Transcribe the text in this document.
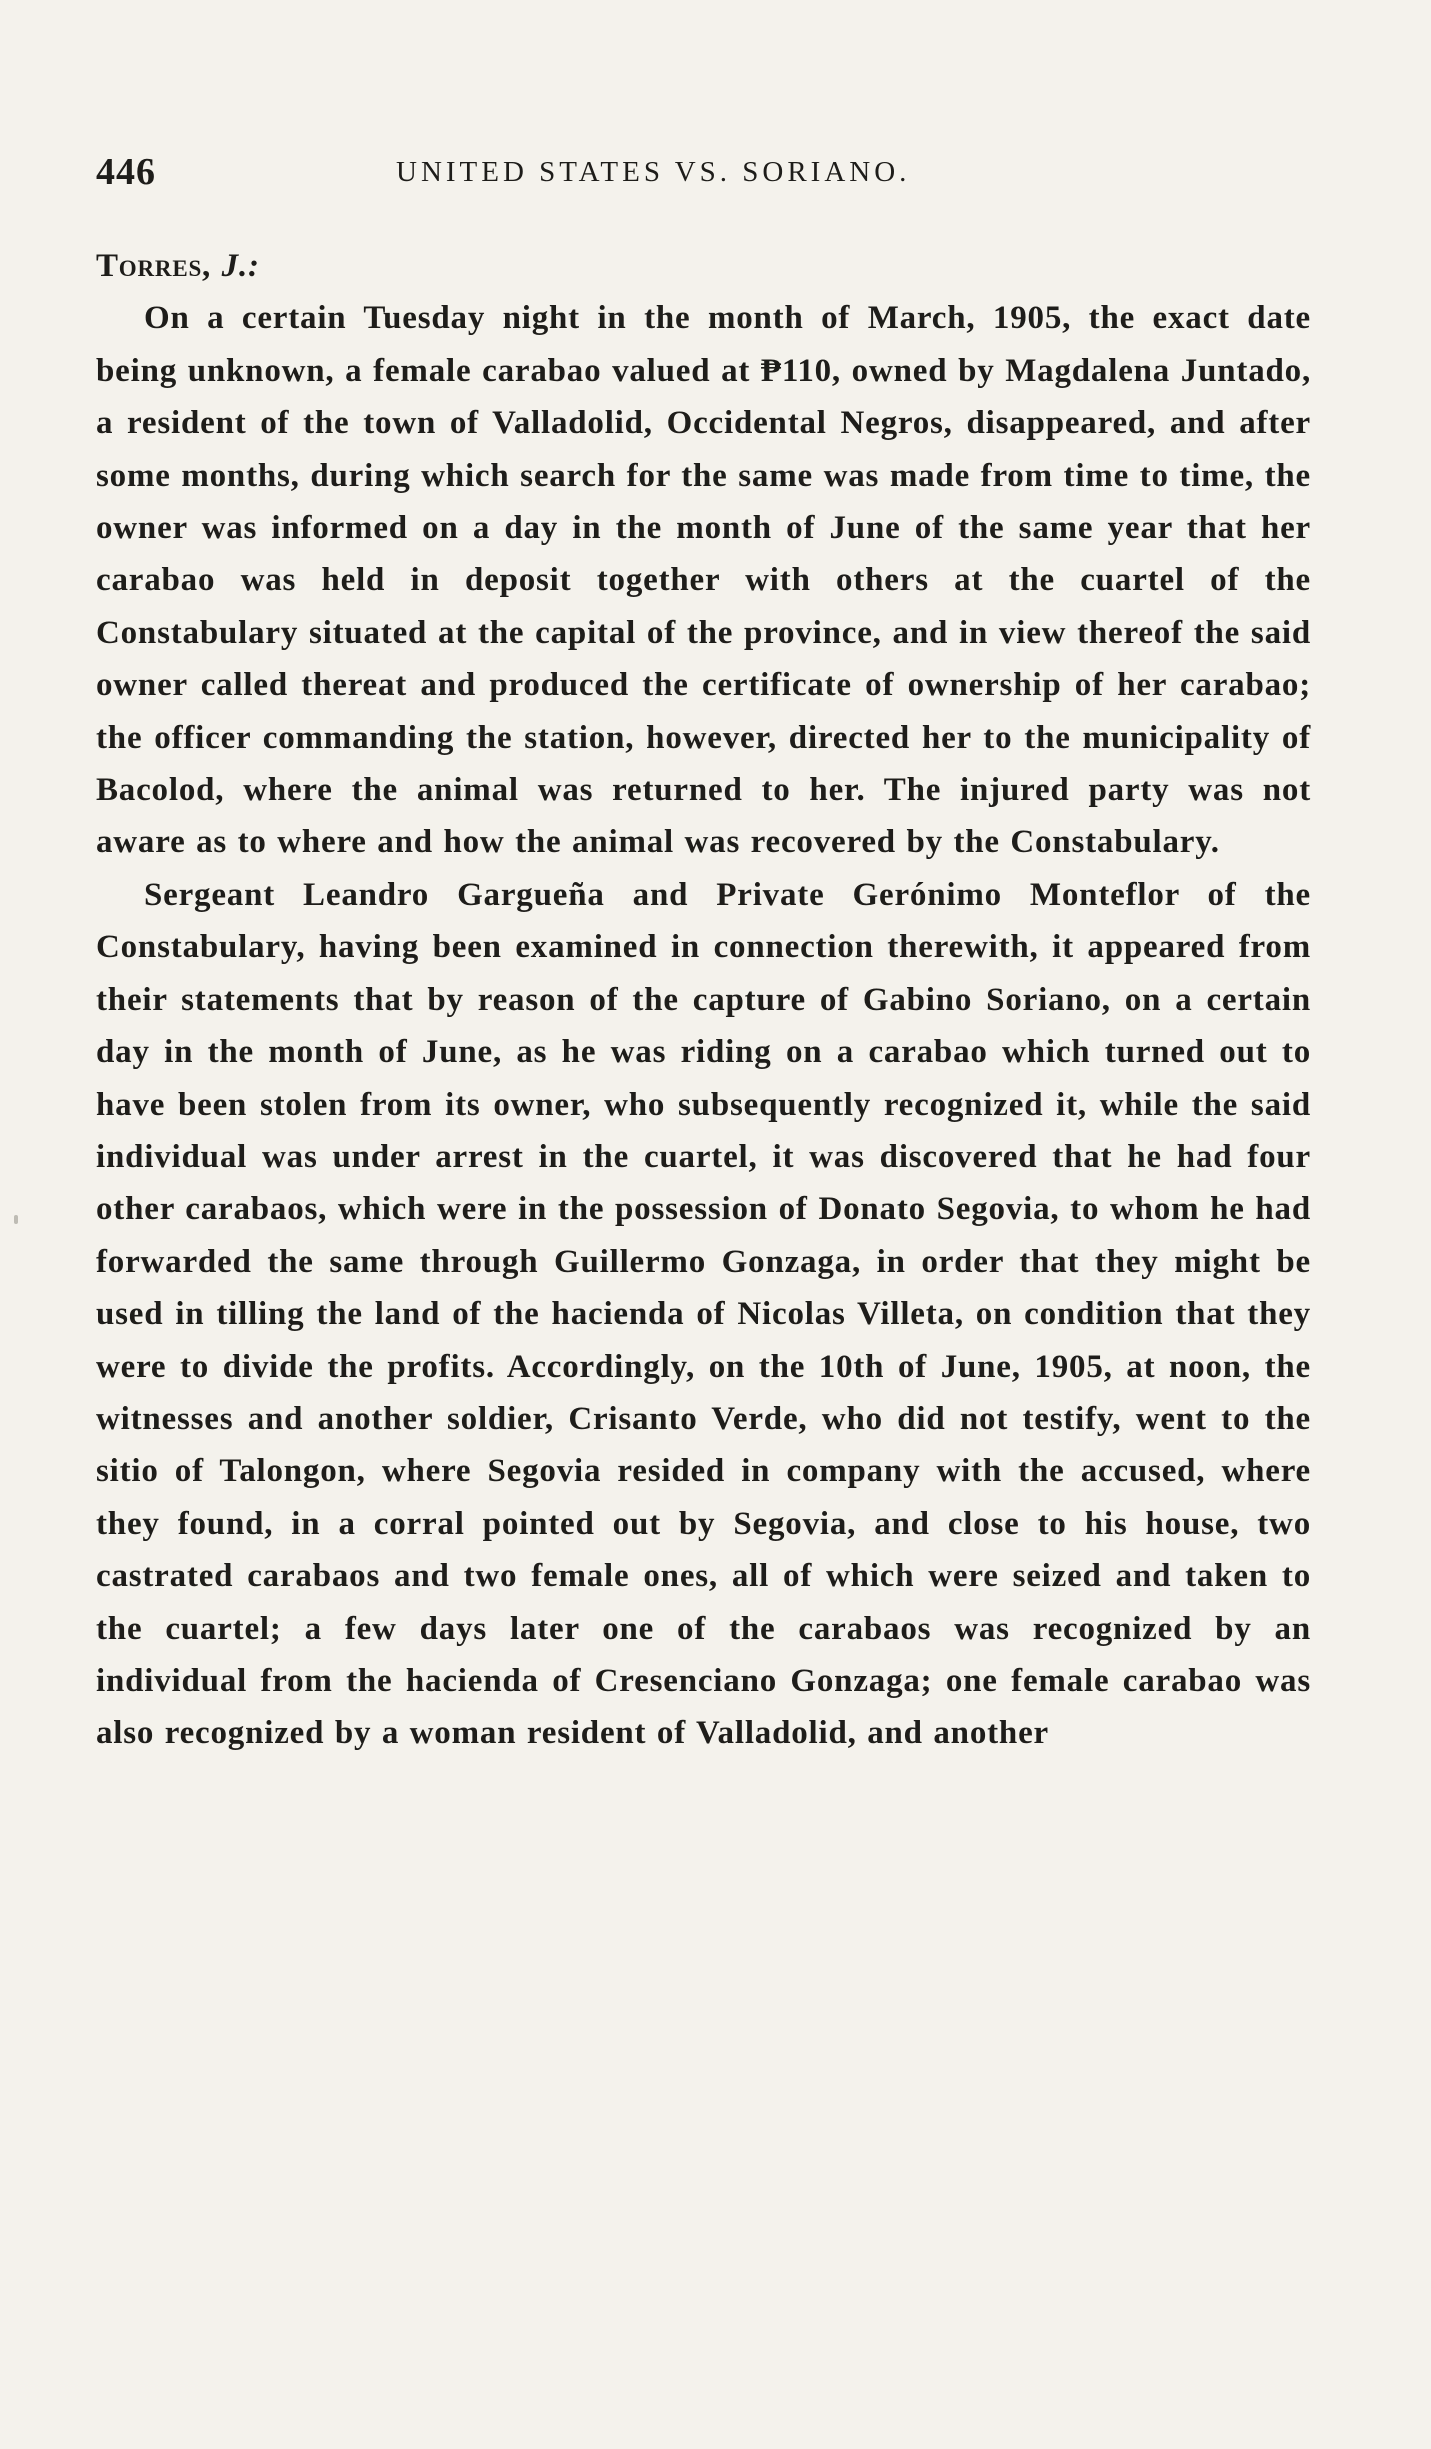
446	UNITED STATES VS. SORIANO.

Torres, J.:

On a certain Tuesday night in the month of March, 1905, the exact date being unknown, a female carabao valued at ₱110, owned by Magdalena Juntado, a resident of the town of Valladolid, Occidental Negros, disappeared, and after some months, during which search for the same was made from time to time, the owner was informed on a day in the month of June of the same year that her carabao was held in deposit together with others at the cuartel of the Constabulary situated at the capital of the province, and in view thereof the said owner called thereat and produced the certificate of ownership of her carabao; the officer commanding the station, however, directed her to the municipality of Bacolod, where the animal was returned to her. The injured party was not aware as to where and how the animal was recovered by the Constabulary.

Sergeant Leandro Gargueña and Private Gerónimo Monteflor of the Constabulary, having been examined in connection therewith, it appeared from their statements that by reason of the capture of Gabino Soriano, on a certain day in the month of June, as he was riding on a carabao which turned out to have been stolen from its owner, who subsequently recognized it, while the said individual was under arrest in the cuartel, it was discovered that he had four other carabaos, which were in the possession of Donato Segovia, to whom he had forwarded the same through Guillermo Gonzaga, in order that they might be used in tilling the land of the hacienda of Nicolas Villeta, on condition that they were to divide the profits. Accordingly, on the 10th of June, 1905, at noon, the witnesses and another soldier, Crisanto Verde, who did not testify, went to the sitio of Talongon, where Segovia resided in company with the accused, where they found, in a corral pointed out by Segovia, and close to his house, two castrated carabaos and two female ones, all of which were seized and taken to the cuartel; a few days later one of the carabaos was recognized by an individual from the hacienda of Cresenciano Gonzaga; one female carabao was also recognized by a woman resident of Valladolid, and another
